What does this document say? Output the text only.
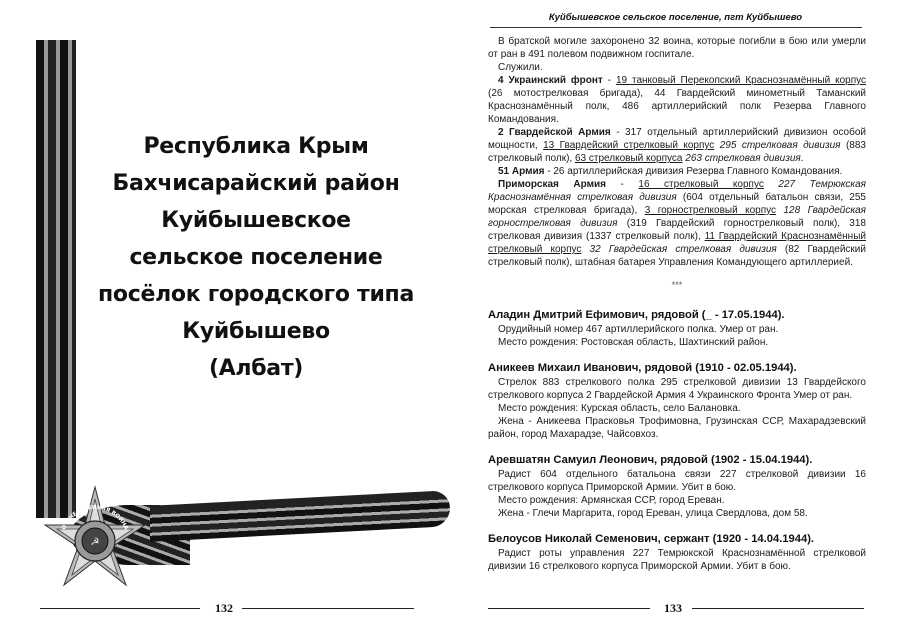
☭
ОТЕЧЕСТВЕННАЯ ВОЙНА
Республика Крым
Бахчисарайский район
Куйбышевское
сельское поселение
посёлок городского типа
Куйбышево
(Албат)
132
Куйбышевское сельское поселение, пгт Куйбышево

В братской могиле захоронено 32 воина, которые погибли в бою или умерли от ран в 491 полевом подвижном госпитале.

Служили.

4 Украинский фронт - 19 танковый Перекопский Краснознамённый корпус (26 мотострелковая бригада), 44 Гвардейский минометный Таманский Краснознамённый полк, 486 артиллерийский полк Резерва Главного Командования.

2 Гвардейской Армия - 317 отдельный артиллерийский дивизион особой мощности, 13 Гвардейский стрелковый корпус 295 стрелковая дивизия (883 стрелковый полк), 63 стрелковый корпуса 263 стрелковая дивизия.

51 Армия - 26 артиллерийская дивизия Резерва Главного Командования.

Приморская Армия - 16 стрелковый корпус 227 Темрюкская Краснознамённая стрелковая дивизия (604 отдельный батальон связи, 255 морская стрелковая бригада), 3 горнострелковый корпус 128 Гвардейская горнострелковая дивизия (319 Гвардейский горнострелковый полк), 318 стрелковая дивизия (1337 стрелковый полк), 11 Гвардейский Краснознамённый стрелковый корпус 32 Гвардейская стрелковая дивизия (82 Гвардейский стрелковый полк), штабная батарея Управления Командующего артиллерией.

***

Аладин Дмитрий Ефимович, рядовой (_ - 17.05.1944).

Орудийный номер 467 артиллерийского полка. Умер от ран.

Место рождения: Ростовская область, Шахтинский район.

Аникеев Михаил Иванович, рядовой (1910 - 02.05.1944).

Стрелок 883 стрелкового полка 295 стрелковой дивизии 13 Гвардейского стрелкового корпуса 2 Гвардейской Армия 4 Украинского Фронта Умер от ран.

Место рождения: Курская область, село Балановка.

Жена - Аникеева Прасковья Трофимовна, Грузинская ССР, Махарадзевский район, город Махарадзе, Чайсовхоз.

Аревшатян Самуил Леонович, рядовой (1902 - 15.04.1944).

Радист 604 отдельного батальона связи 227 стрелковой дивизии 16 стрелкового корпуса Приморской Армии. Убит в бою.

Место рождения: Армянская ССР, город Ереван.

Жена - Глечи Маргарита, город Ереван, улица Свердлова, дом 58.

Белоусов Николай Семенович, сержант (1920 - 14.04.1944).

Радист роты управления 227 Темрюкской Краснознамённой стрелковой дивизии 16 стрелкового корпуса Приморской Армии. Убит в бою.

133
